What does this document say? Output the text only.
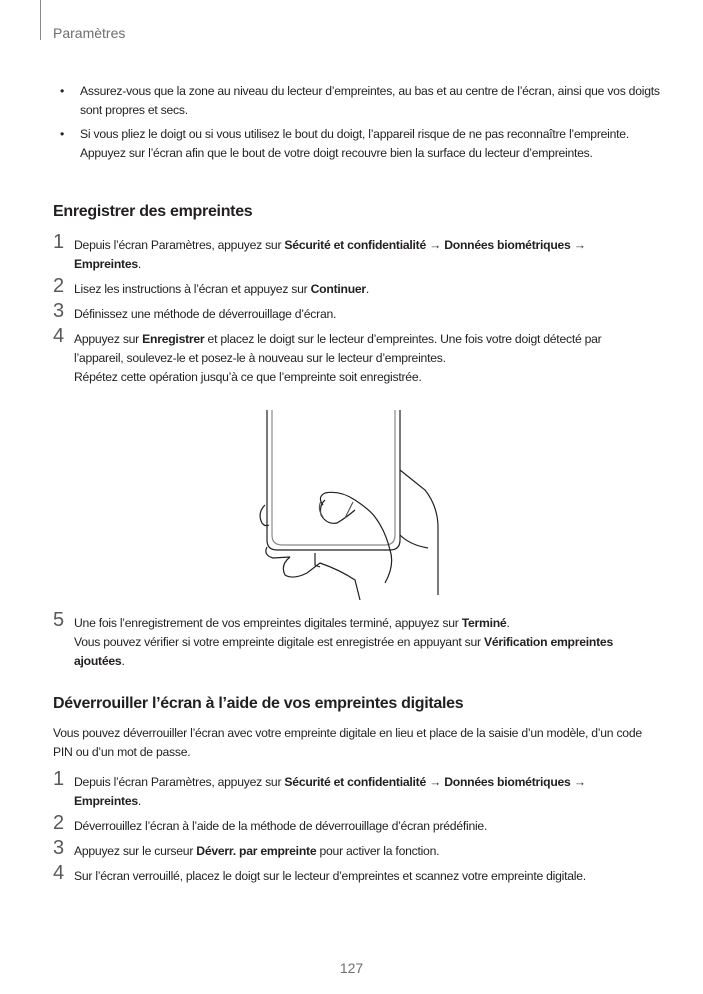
Paramètres
• Assurez-vous que la zone au niveau du lecteur d’empreintes, au bas et au centre de l’écran, ainsi que vos doigts sont propres et secs.
• Si vous pliez le doigt ou si vous utilisez le bout du doigt, l’appareil risque de ne pas reconnaître l’empreinte. Appuyez sur l’écran afin que le bout de votre doigt recouvre bien la surface du lecteur d’empreintes.
Enregistrer des empreintes
1 Depuis l’écran Paramètres, appuyez sur Sécurité et confidentialité → Données biométriques → Empreintes.
2 Lisez les instructions à l’écran et appuyez sur Continuer.
3 Définissez une méthode de déverrouillage d’écran.
4 Appuyez sur Enregistrer et placez le doigt sur le lecteur d’empreintes. Une fois votre doigt détecté par l’appareil, soulevez-le et posez-le à nouveau sur le lecteur d’empreintes.
Répétez cette opération jusqu’à ce que l’empreinte soit enregistrée.
5 Une fois l’enregistrement de vos empreintes digitales terminé, appuyez sur Terminé.
Vous pouvez vérifier si votre empreinte digitale est enregistrée en appuyant sur Vérification empreintes ajoutées.
Déverrouiller l’écran à l’aide de vos empreintes digitales
Vous pouvez déverrouiller l’écran avec votre empreinte digitale en lieu et place de la saisie d’un modèle, d’un code PIN ou d’un mot de passe.
1 Depuis l’écran Paramètres, appuyez sur Sécurité et confidentialité → Données biométriques → Empreintes.
2 Déverrouillez l’écran à l’aide de la méthode de déverrouillage d’écran prédéfinie.
3 Appuyez sur le curseur Déverr. par empreinte pour activer la fonction.
4 Sur l’écran verrouillé, placez le doigt sur le lecteur d’empreintes et scannez votre empreinte digitale.
127
